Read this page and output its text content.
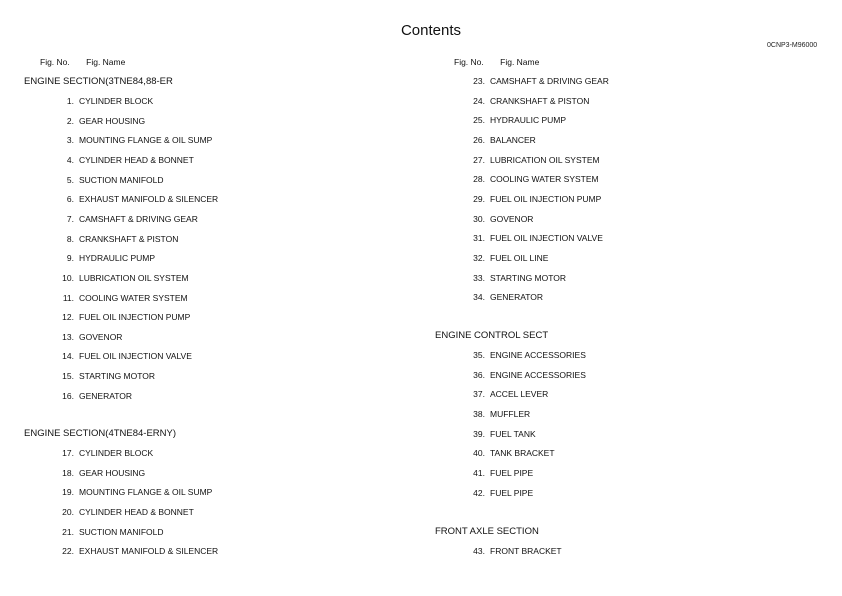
Contents
0CNP3-M96000
Fig. No. Fig. Name	Fig. No. Fig. Name
ENGINE SECTION(3TNE84,88-ER
1. CYLINDER BLOCK
2. GEAR HOUSING
3. MOUNTING FLANGE & OIL SUMP
4. CYLINDER HEAD & BONNET
5. SUCTION MANIFOLD
6. EXHAUST MANIFOLD & SILENCER
7. CAMSHAFT & DRIVING GEAR
8. CRANKSHAFT & PISTON
9. HYDRAULIC PUMP
10. LUBRICATION OIL SYSTEM
11. COOLING WATER SYSTEM
12. FUEL OIL INJECTION PUMP
13. GOVENOR
14. FUEL OIL INJECTION VALVE
15. STARTING MOTOR
16. GENERATOR
ENGINE SECTION(4TNE84-ERNY)
17. CYLINDER BLOCK
18. GEAR HOUSING
19. MOUNTING FLANGE & OIL SUMP
20. CYLINDER HEAD & BONNET
21. SUCTION MANIFOLD
22. EXHAUST MANIFOLD & SILENCER
23. CAMSHAFT & DRIVING GEAR
24. CRANKSHAFT & PISTON
25. HYDRAULIC PUMP
26. BALANCER
27. LUBRICATION OIL SYSTEM
28. COOLING WATER SYSTEM
29. FUEL OIL INJECTION PUMP
30. GOVENOR
31. FUEL OIL INJECTION VALVE
32. FUEL OIL LINE
33. STARTING MOTOR
34. GENERATOR
ENGINE CONTROL SECT
35. ENGINE ACCESSORIES
36. ENGINE ACCESSORIES
37. ACCEL LEVER
38. MUFFLER
39. FUEL TANK
40. TANK BRACKET
41. FUEL PIPE
42. FUEL PIPE
FRONT AXLE SECTION
43. FRONT BRACKET
